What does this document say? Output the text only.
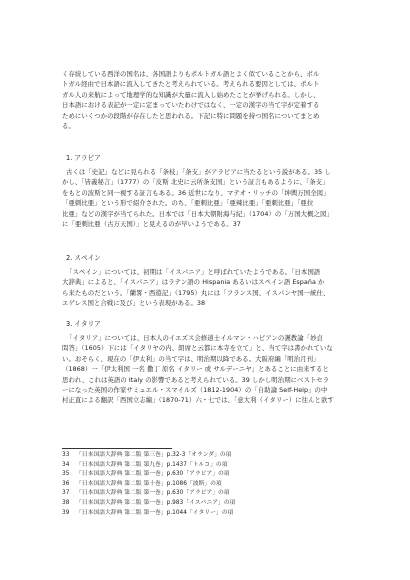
く存続している西洋の国名は、各国語よりもポルトガル語とよく似ていることから、ポル
トガル経由で日本語に流入してきたと考えられている。考えられる要因としては、ポルト
ガル人の来航によって地理学的な知識が大量に流入し始めたことが挙げられる。しかし、
日本語における表記が一定に定まっていたわけではなく、一定の漢字の当て字が定着する
ためにいくつかの段階が存在したと思われる。下記に特に問題を持つ国名についてまとめ
る。
1. アラビア
古くは「史記」などに見られる「条枝」「条支」がアラビアに当たるという説がある。35 し
かし、「皆義秘言」（1777）の「皮斯 北史に云所条支国」という証言もあるように、「条支」
をもとの波斯と同一視する証言もある。36 近世になり、マテオ・リッチの「坤輿万国全図」
「亜刺比亜」という形で紹介された。のち、「亜剌比亜」「亜辣比亜」「亜刺比亜」「亜拉
比亜」などの漢字が当てられた。日本では「日本大朝附海与紀」（1704）の「万国大概之図」
に「亜剌比亜（古万天国）」と見えるのが早いようである。37
2. スペイン
「スペイン」については、初期は「イスパニア」と呼ばれていたようである。「日本国語
大辞典」によると、「イスパニア」はラテン語の Hispania あるいはスペイン語 España か
ら来たものだという。「蘭畧・西遊記」（1795）丸には「フランス国、イスパンヤ国一統仕、
エゲレス国と合戦に及び」という表現がある。38
3. イタリア
「イタリア」については、日本人のイエズス会修道士イルマン・ハビアンの護教論「妙貞
問答」（1605）下には「イタリヤの内、朗席と云都に本寺を立て」と、当て字は書かれていな
い。おそらく、現在の「伊太利」の当て字は、明治期以降である。大阪府編「明治月刊」
（1868）一「伊太利国 一名 撒丁 原名 イタリー 或 サルデーニヤ」とあることに由来すると
思われ、これは英語の Italy の影響であると考えられている。39 しかし明治期にベストセラ
ーになった英国の作家サミュエル・スマイルズ（1812-1904）の「自助論 Self-Help」の中
村正直による翻訳「西国立志編」（1870-71）六・七では、「意大利（イタリー）に往んと欲す
33 「日本国語大辞典 第二版 第三巻」p.32-3「オランダ」の項
34 「日本国語大辞典 第二版 第九巻」p.1437「トルコ」の項
35 「日本国語大辞典 第二版 第一巻」p.630「アラビア」の項
36 「日本国語大辞典 第二版 第十巻」p.1086「波斯」の項
37 「日本国語大辞典 第二版 第一巻」p.630「アラビア」の項
38 「日本国語大辞典 第二版 第一巻」p.983「イスパニア」の項
39 「日本国語大辞典 第二版 第一巻」p.1044「イタリー」の項
